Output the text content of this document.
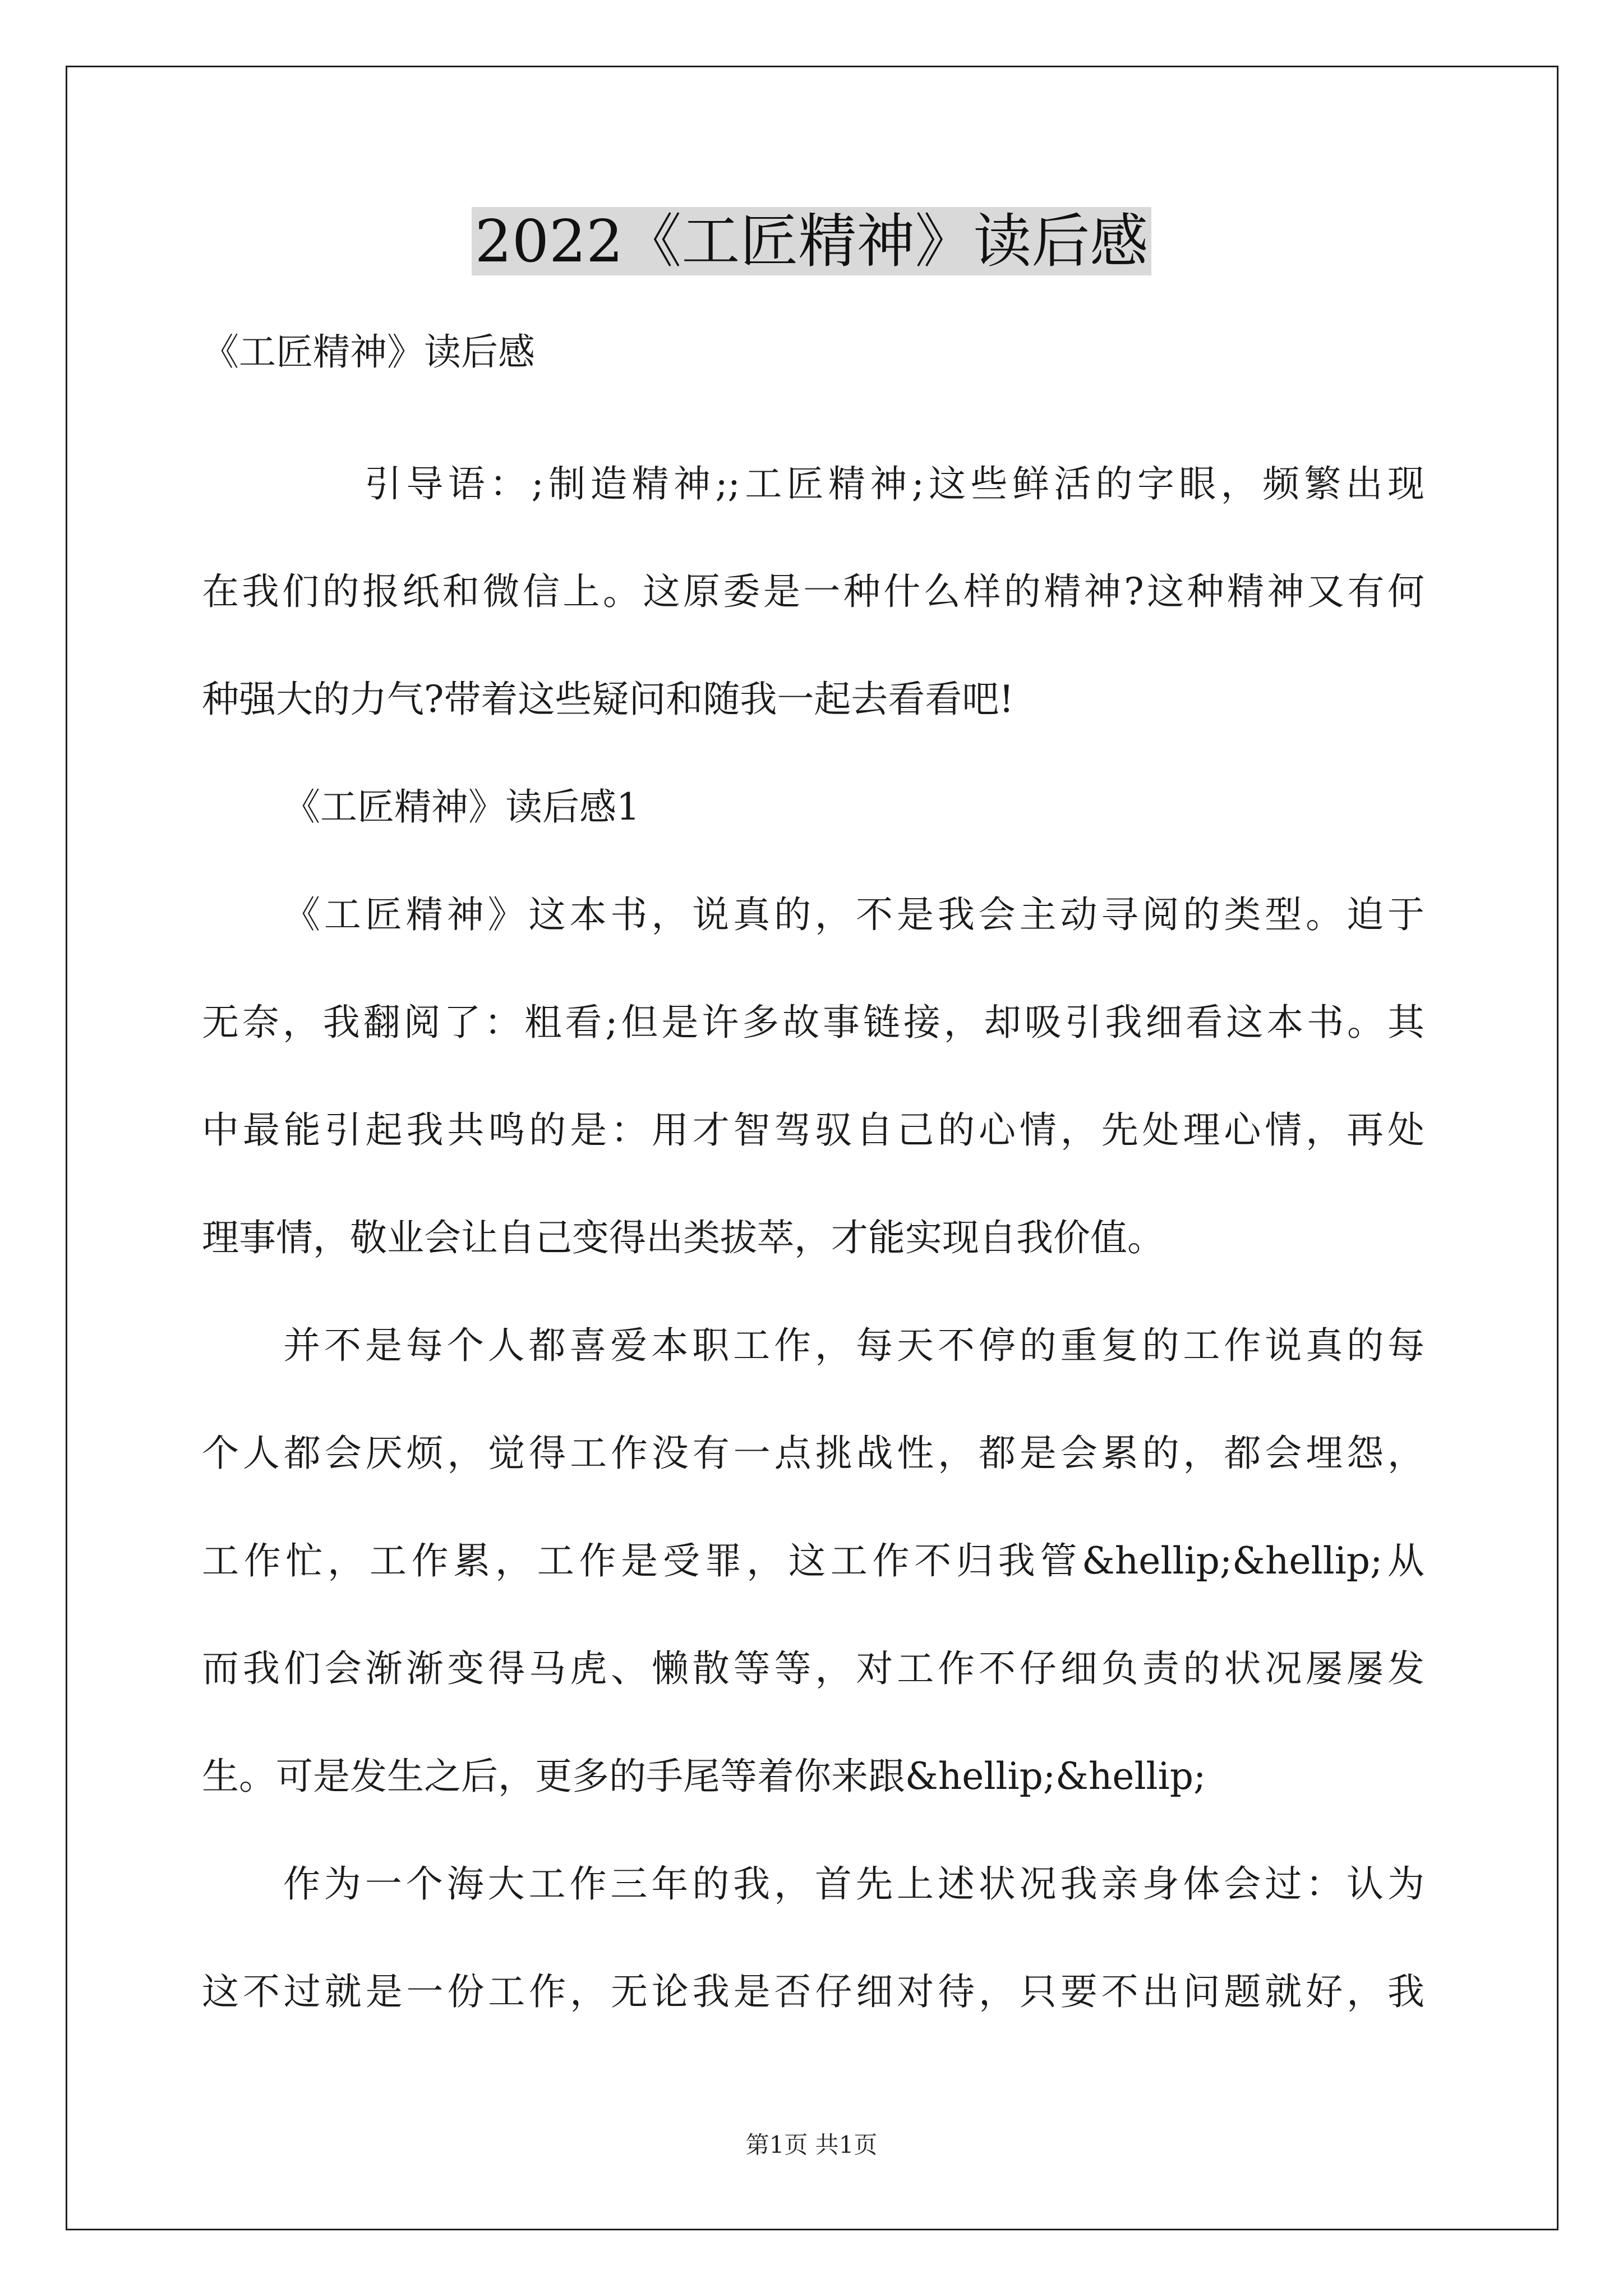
2022《工匠精神》读后感
《工匠精神》读后感
引导语：;制造精神;;工匠精神;这些鲜活的字眼，频繁出现
在我们的报纸和微信上。这原委是一种什么样的精神?这种精神又有何
种强大的力气?带着这些疑问和随我一起去看看吧!
《工匠精神》读后感1
《工匠精神》这本书，说真的，不是我会主动寻阅的类型。迫于
无奈，我翻阅了：粗看;但是许多故事链接，却吸引我细看这本书。其
中最能引起我共鸣的是：用才智驾驭自己的心情，先处理心情，再处
理事情，敬业会让自己变得出类拔萃，才能实现自我价值。
并不是每个人都喜爱本职工作，每天不停的重复的工作说真的每
个人都会厌烦，觉得工作没有一点挑战性，都是会累的，都会埋怨，
工作忙，工作累，工作是受罪，这工作不归我管&hellip;&hellip;从
而我们会渐渐变得马虎、懒散等等，对工作不仔细负责的状况屡屡发
生。可是发生之后，更多的手尾等着你来跟&hellip;&hellip;
作为一个海大工作三年的我，首先上述状况我亲身体会过：认为
这不过就是一份工作，无论我是否仔细对待，只要不出问题就好，我
第1页 共1页
